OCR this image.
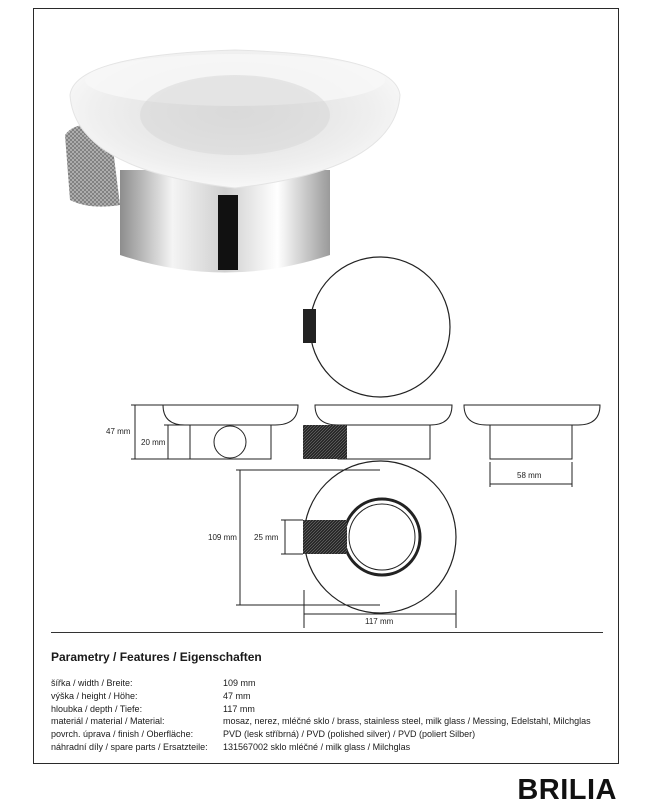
47 mm
20 mm
58 mm
109 mm 25 mm
117 mm
Parametry / Features / Eigenschaften
šířka / width / Breite:	109 mm
výška / height / Höhe:	47 mm
hloubka / depth / Tiefe:	117 mm
materiál / material / Material:	mosaz, nerez, mléčné sklo / brass, stainless steel, milk glass / Messing, Edelstahl, Milchglas
povrch. úprava / finish / Oberfläche:	PVD (lesk stříbrná) / PVD (polished silver) / PVD (poliert Silber)
náhradní díly / spare parts / Ersatzteile:	131567002 sklo mléčné / milk glass / Milchglas
BRILIA
